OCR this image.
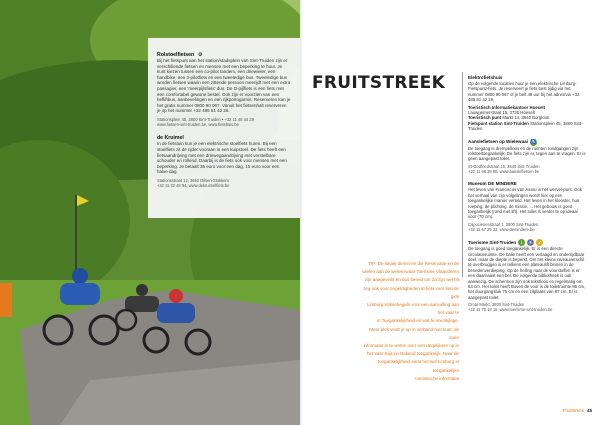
Rolstoelfietsen ⚙

Bij het fietspunt aan het station/stadsplein van Sint-Truiden zijn er verschillende fietsen en mensen met een beperking te huur. Je kunt kiezen tussen een co-pilot tandem, een driewieler, een handbike, een 3-pilotfiets en een tweeledige bus. Tweeledige bus worden fietsen waarin een zittende persoon meerijdt met een extra passagier, een 'meerpijlsfiets' duo. De D-pijlfiets is een fiets met een comfortabel gewone bestel. Ook zijn er voorzien van een hefliftbus, aanbevelingen en een rijkportogarnis. Reserveren kan je het gratis nummer 0800 90 067. Vanuit het fietsenhalt reserveren je op het nummer +32 485 51 42 26.

Stationsplein 45, 3800 Sint-Truiden • +32 11 48 44 29
www.fietsen-sint-truiden.be, www.fietshuis.be
de Kruimel

In de fietstuin kun je een elektrische stoelfiets huren. Bij een stoelfiets zit de rijder vooraan in een kuipstoel. De fiets heeft een fietsaandrijving met een driewegaandrijving met verstelbare schouder en rollend. Daarbij is de fiets ook voor mensen met een beperking. Je betaalt 35 euro voor een dag, 15 euro voor een halve dag.

Stationsstraat 12, 3650 Dilsen-Stokkem
+32 11 22 48 94, www.dekruimelfiets.be
FRUITSTREEK	Elektrofietshuis

Op de volgende locaties huur je een elektrische Limburg-Fietspunt/-fiets. Je reserveert je fiets best tijdig via het nummer 0800 90 067 of je belt 48 uur bij het adres/via +32 485 51 42 26.

Toeristisch Informatiekantoor Hoeselt

Lauwgemerstraat 15, 3730 Hoeselt

Toeristisch punt Markt 14, 3840 Borgloon

Fietspunt station Sint-Truiden Stationsplein 45, 3800 Sint-Truiden

Aanslefietsen op Wielewaai ♿

De toegang is drempelloos en de ruimten rondgangen zijn rolstoeltoegankelijk. De fiets zijn er, tegen aan te vragen. Er is geen aangepast toilet.

St-Godfriedstraat 15, 3840 Sint-Truiden
+32 11 68 39 85, www.aanslefietsen.be
Museum DE MINDERE

Het leven van Franciscus van Assisi in het wervel-punt. Ook het verhaal van zijn volgelingen wordt hier op een toegankelijke manier verteld. Het leven in het klooster, hun roeping, de plichting, de missie, ... Het gebouw is goed toegankelijk (rond met lift). Het toilet is verder te op ideaal voor (70 cm).

Capucienenstraat 1, 3800 Sint-Truiden
+32 11 67 29 33, www.demindere.be
Toerisme Sint-Truiden	i	♿	✓

De toegang is goed toegankelijk. Er is een directe circulatieruimte. De balie heeft een verlaagd en onderrijdbaar deel, maar de diepte is beperkt. Om het kleine niveauverschil te overbruggen is er telkens een plateaulift binnen in de benedenverdieping. Op de helling naar de voorstoffen is er een daarnaast een bel. De volgende bibliotheek is ook aanwezig. De schermen zijn ook tekstloos en regelmatig om 63 cm. Het toilet heeft Boven de voor is de toiletruimte 85 cm, het doorgangstuk 75 cm en een zitplaats van 87 cm. Er is aangepast toilet.

Grote Markt, 3800 Sint-Truiden
+32 11 70 18 18, www.toerisme-sint-truiden.be
TIP: De lokale dienst-en die Reservatie-en de
wielen aan de wetenswaar Toerisme Vlaanderen
zijn aangevinkt en dus bereid om Zo zijn wel bit
zeg ook voor ongeldigheden te fiets voor tien de gids
Limburg Vakantiegids voor een aanvulling aan het vaar te
in Toegankelijkheid en wat te ons Bijlage.
Meer plek vindt je op in verband met kunt, de open
informatie in te weten over een degelijkere op in
het vaar Kiijk en Bekend toegankelijk. Naar de
toegankelijkheid eerst het wel Limburg in toegankelijke
toeristische informatie
Fruitstreek 45
